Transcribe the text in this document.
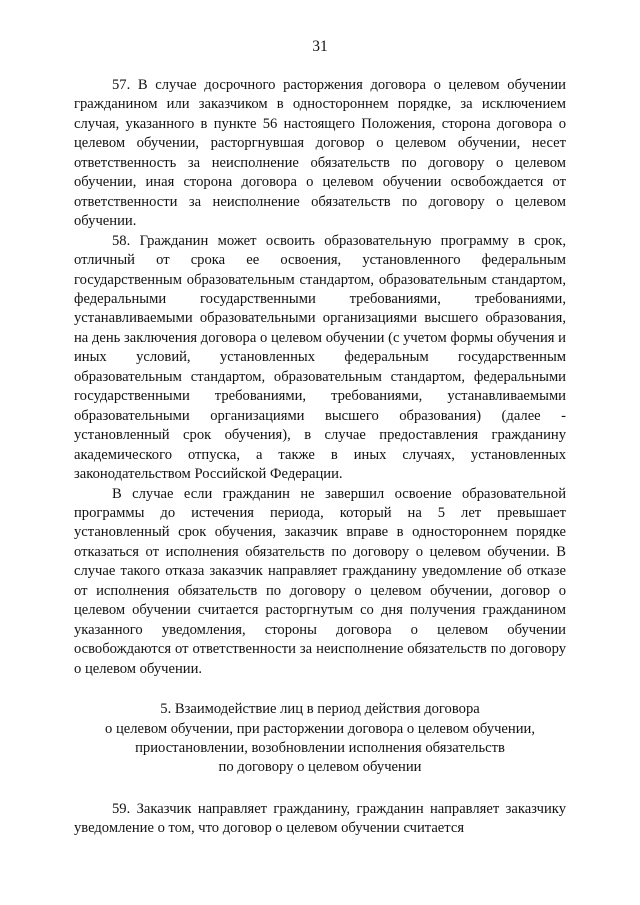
31

57. В случае досрочного расторжения договора о целевом обучении гражданином или заказчиком в одностороннем порядке, за исключением случая, указанного в пункте 56 настоящего Положения, сторона договора о целевом обучении, расторгнувшая договор о целевом обучении, несет ответственность за неисполнение обязательств по договору о целевом обучении, иная сторона договора о целевом обучении освобождается от ответственности за неисполнение обязательств по договору о целевом обучении.

58. Гражданин может освоить образовательную программу в срок, отличный от срока ее освоения, установленного федеральным государственным образовательным стандартом, образовательным стандартом, федеральными государственными требованиями, требованиями, устанавливаемыми образовательными организациями высшего образования, на день заключения договора о целевом обучении (с учетом формы обучения и иных условий, установленных федеральным государственным образовательным стандартом, образовательным стандартом, федеральными государственными требованиями, требованиями, устанавливаемыми образовательными организациями высшего образования) (далее - установленный срок обучения), в случае предоставления гражданину академического отпуска, а также в иных случаях, установленных законодательством Российской Федерации.

В случае если гражданин не завершил освоение образовательной программы до истечения периода, который на 5 лет превышает установленный срок обучения, заказчик вправе в одностороннем порядке отказаться от исполнения обязательств по договору о целевом обучении. В случае такого отказа заказчик направляет гражданину уведомление об отказе от исполнения обязательств по договору о целевом обучении, договор о целевом обучении считается расторгнутым со дня получения гражданином указанного уведомления, стороны договора о целевом обучении освобождаются от ответственности за неисполнение обязательств по договору о целевом обучении.

5. Взаимодействие лиц в период действия договора
о целевом обучении, при расторжении договора о целевом обучении,
приостановлении, возобновлении исполнения обязательств
по договору о целевом обучении

59. Заказчик направляет гражданину, гражданин направляет заказчику уведомление о том, что договор о целевом обучении считается
